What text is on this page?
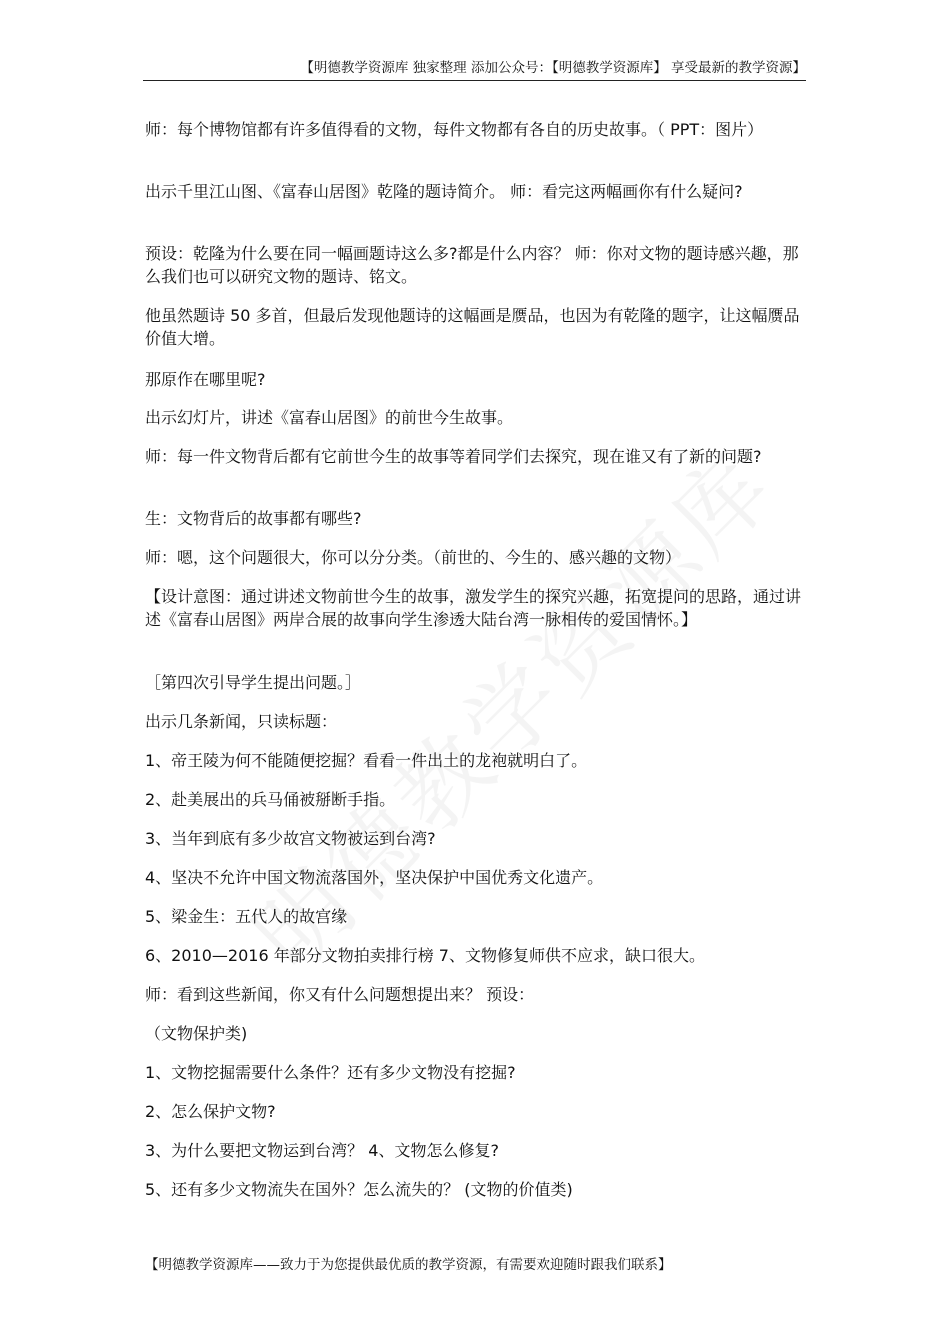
【明德教学资源库 独家整理 添加公众号：【明德教学资源库】 享受最新的教学资源】
师：每个博物馆都有许多值得看的文物，每件文物都有各自的历史故事。（ PPT：图片）
出示千里江山图、《富春山居图》乾隆的题诗简介。 师：看完这两幅画你有什么疑问?
预设：乾隆为什么要在同一幅画题诗这么多?都是什么内容？ 师：你对文物的题诗感兴趣，那么我们也可以研究文物的题诗、铭文。
他虽然题诗 50 多首，但最后发现他题诗的这幅画是赝品，也因为有乾隆的题字，让这幅赝品价值大增。
那原作在哪里呢?
出示幻灯片，讲述《富春山居图》的前世今生故事。
师：每一件文物背后都有它前世今生的故事等着同学们去探究，现在谁又有了新的问题?
生：文物背后的故事都有哪些?
师：嗯，这个问题很大，你可以分分类。（前世的、今生的、感兴趣的文物）
【设计意图：通过讲述文物前世今生的故事，激发学生的探究兴趣，拓宽提问的思路，通过讲述《富春山居图》两岸合展的故事向学生渗透大陆台湾一脉相传的爱国情怀。】
［第四次引导学生提出问题。］
出示几条新闻，只读标题：
1、帝王陵为何不能随便挖掘？看看一件出土的龙袍就明白了。
2、赴美展出的兵马俑被掰断手指。
3、当年到底有多少故宫文物被运到台湾?
4、坚决不允许中国文物流落国外，坚决保护中国优秀文化遗产。
5、梁金生：五代人的故宫缘
6、2010—2016 年部分文物拍卖排行榜 7、文物修复师供不应求，缺口很大。
师：看到这些新闻，你又有什么问题想提出来？ 预设：
（文物保护类)
1、文物挖掘需要什么条件？还有多少文物没有挖掘?
2、怎么保护文物?
3、为什么要把文物运到台湾？ 4、文物怎么修复?
5、还有多少文物流失在国外？怎么流失的？ (文物的价值类)
【明德教学资源库——致力于为您提供最优质的教学资源，有需要欢迎随时跟我们联系】
